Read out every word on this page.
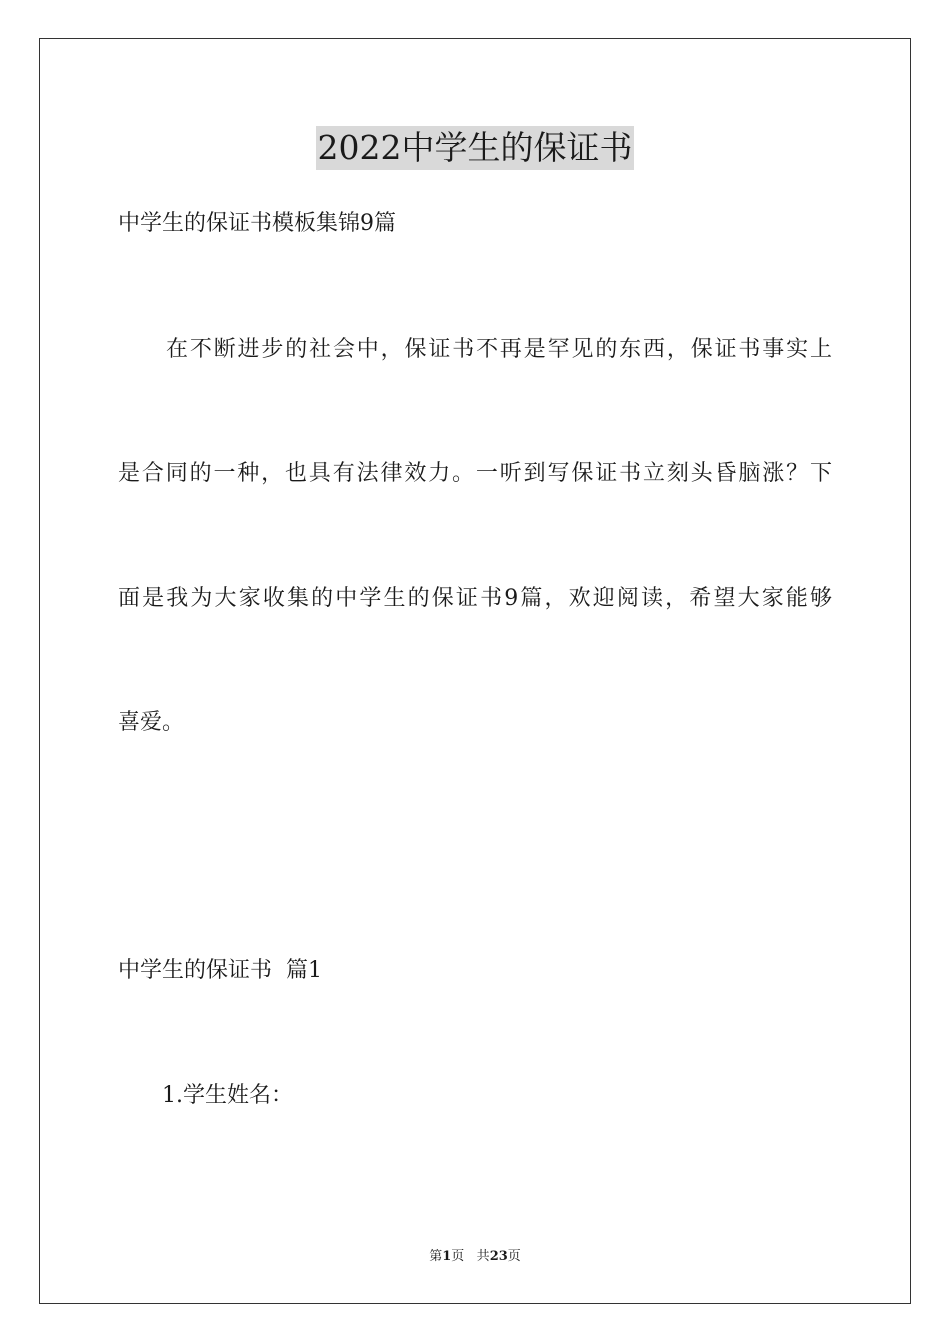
2022中学生的保证书
中学生的保证书模板集锦9篇
在不断进步的社会中，保证书不再是罕见的东西，保证书事实上
是合同的一种，也具有法律效力。一听到写保证书立刻头昏脑涨？下
面是我为大家收集的中学生的保证书9篇，欢迎阅读，希望大家能够
喜爱。
中学生的保证书  篇1
1.学生姓名：
第1页 共23页
